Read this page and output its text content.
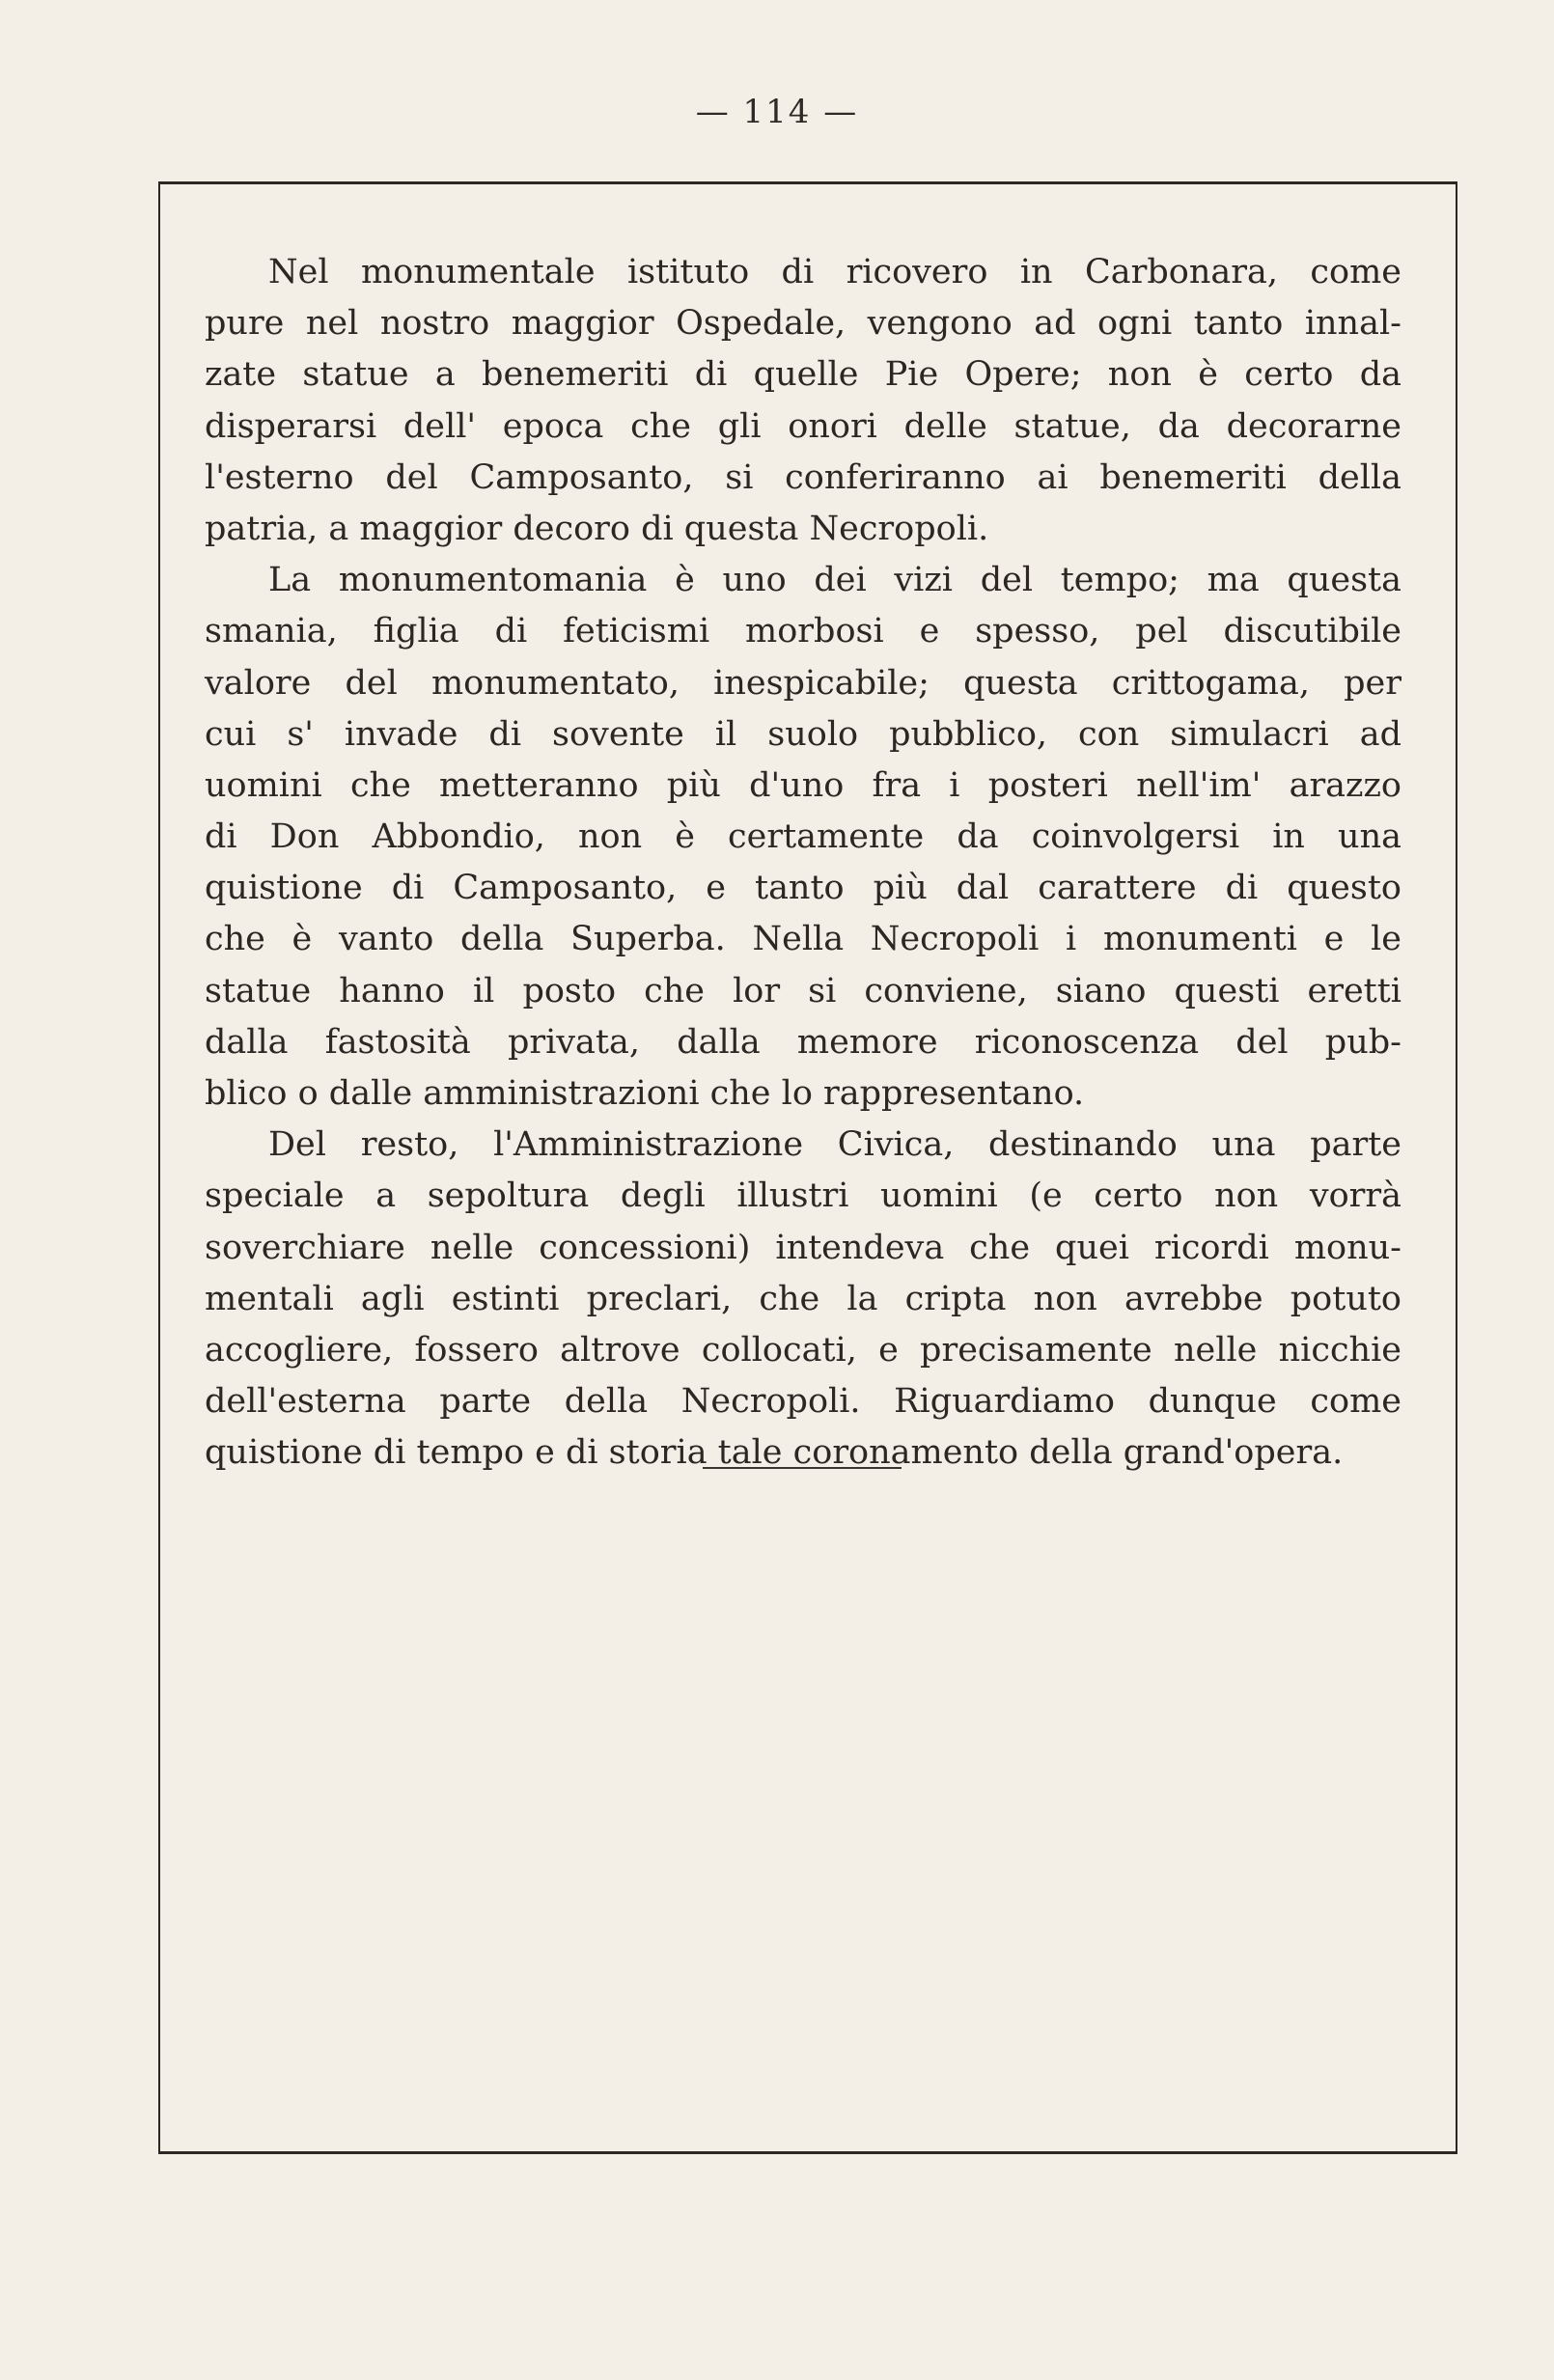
— 114 —
Nel monumentale istituto di ricovero in Carbonara, come
pure nel nostro maggior Ospedale, vengono ad ogni tanto innal-
zate statue a benemeriti di quelle Pie Opere; non è certo da
disperarsi dell' epoca che gli onori delle statue, da decorarne
l'esterno del Camposanto, si conferiranno ai benemeriti della
patria, a maggior decoro di questa Necropoli.
La monumentomania è uno dei vizi del tempo; ma questa
smania, figlia di feticismi morbosi e spesso, pel discutibile
valore del monumentato, inespicabile; questa crittogama, per
cui s' invade di sovente il suolo pubblico, con simulacri ad
uomini che metteranno più d'uno fra i posteri nell'im' arazzo
di Don Abbondio, non è certamente da coinvolgersi in una
quistione di Camposanto, e tanto più dal carattere di questo
che è vanto della Superba. Nella Necropoli i monumenti e le
statue hanno il posto che lor si conviene, siano questi eretti
dalla fastosità privata, dalla memore riconoscenza del pub-
blico o dalle amministrazioni che lo rappresentano.
Del resto, l'Amministrazione Civica, destinando una parte
speciale a sepoltura degli illustri uomini (e certo non vorrà
soverchiare nelle concessioni) intendeva che quei ricordi monu-
mentali agli estinti preclari, che la cripta non avrebbe potuto
accogliere, fossero altrove collocati, e precisamente nelle nicchie
dell'esterna parte della Necropoli. Riguardiamo dunque come
quistione di tempo e di storia tale coronamento della grand'opera.
